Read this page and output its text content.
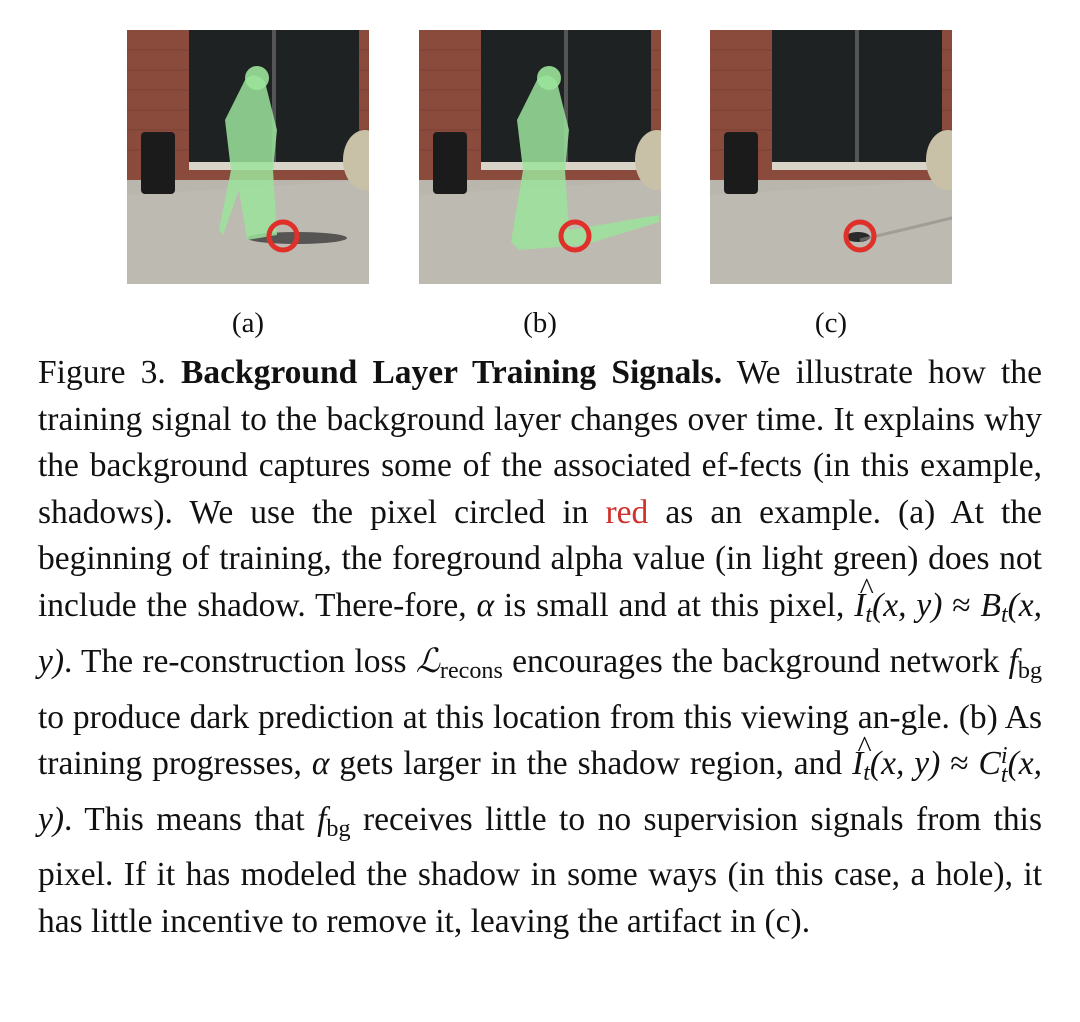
(a)	(b)	(c)
Figure 3. Background Layer Training Signals. We illustrate how the training signal to the background layer changes over time. It explains why the background captures some of the associated ef-fects (in this example, shadows). We use the pixel circled in red as an example. (a) At the beginning of training, the foreground alpha value (in light green) does not include the shadow. There-fore, α is small and at this pixel, I
^
t(x, y) ≈ Bt(x, y). The re-construction loss ℒ$_{recons}$ encourages the background network $f_{bg}$ to produce dark prediction at this location from this viewing an-gle. (b) As training progresses, α gets larger in the shadow region, and I
^
t(x, y) ≈ C i
t (x, y). This means that $f_{bg}$ receives little to no supervision signals from this pixel. If it has modeled the shadow in some ways (in this case, a hole), it has little incentive to remove it, leaving the artifact in (c).
